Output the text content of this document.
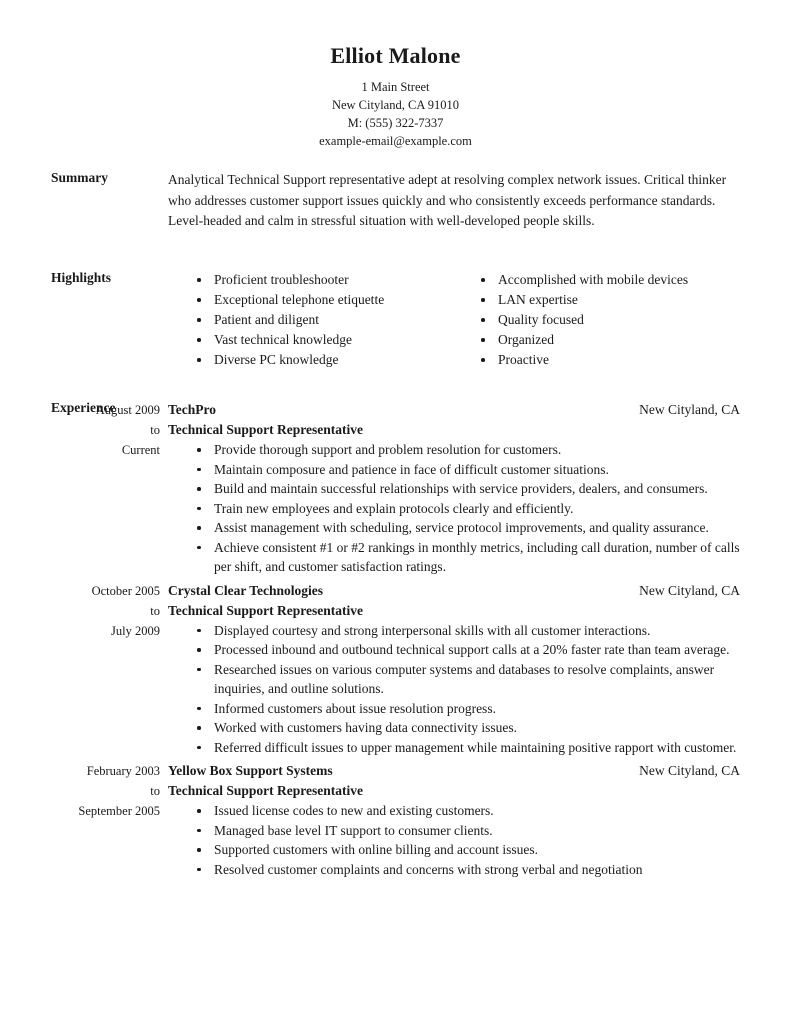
Elliot Malone
1 Main Street
New Cityland, CA 91010
M: (555) 322-7337
example-email@example.com
Summary	Analytical Technical Support representative adept at resolving complex network issues. Critical thinker who addresses customer support issues quickly and who consistently exceeds performance standards. Level-headed and calm in stressful situation with well-developed people skills.
Highlights	Proficient troubleshooter
Exceptional telephone etiquette
Patient and diligent
Vast technical knowledge
Diverse PC knowledge
Accomplished with mobile devices
LAN expertise
Quality focused
Organized
Proactive
Experience
August 2009
to
Current
TechPro	New Cityland, CA
Technical Support Representative
Provide thorough support and problem resolution for customers.
Maintain composure and patience in face of difficult customer situations.
Build and maintain successful relationships with service providers, dealers, and consumers.
Train new employees and explain protocols clearly and efficiently.
Assist management with scheduling, service protocol improvements, and quality assurance.
Achieve consistent #1 or #2 rankings in monthly metrics, including call duration, number of calls per shift, and customer satisfaction ratings.
October 2005
to
July 2009
Crystal Clear Technologies	New Cityland, CA
Technical Support Representative
Displayed courtesy and strong interpersonal skills with all customer interactions.
Processed inbound and outbound technical support calls at a 20% faster rate than team average.
Researched issues on various computer systems and databases to resolve complaints, answer inquiries, and outline solutions.
Informed customers about issue resolution progress.
Worked with customers having data connectivity issues.
Referred difficult issues to upper management while maintaining positive rapport with customer.
February 2003
to
September 2005
Yellow Box Support Systems	New Cityland, CA
Technical Support Representative
Issued license codes to new and existing customers.
Managed base level IT support to consumer clients.
Supported customers with online billing and account issues.
Resolved customer complaints and concerns with strong verbal and negotiation
